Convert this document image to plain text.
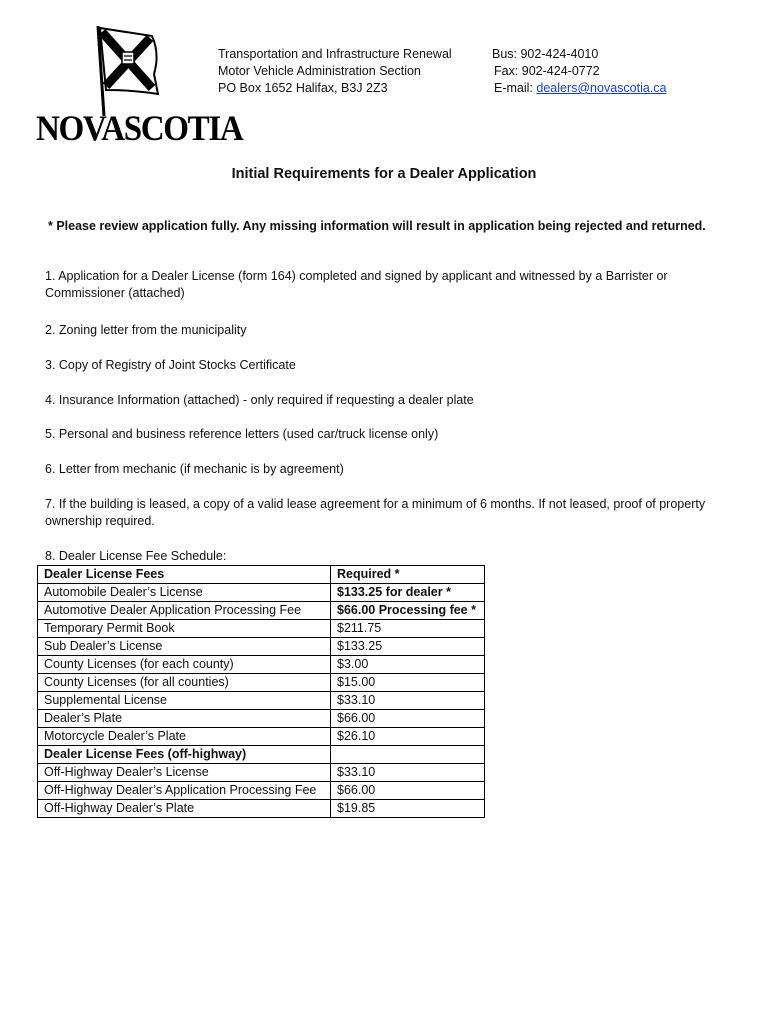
NOVASCOTIA
Transportation and Infrastructure Renewal
Motor Vehicle Administration Section
PO Box 1652 Halifax, B3J 2Z3
Bus: 902-424-4010
Fax: 902-424-0772
E-mail: dealers@novascotia.ca
Initial Requirements for a Dealer Application
* Please review application fully. Any missing information will result in application being rejected and returned.
1. Application for a Dealer License (form 164) completed and signed by applicant and witnessed by a Barrister or Commissioner (attached)
2. Zoning letter from the municipality
3. Copy of Registry of Joint Stocks Certificate
4. Insurance Information (attached) - only required if requesting a dealer plate
5. Personal and business reference letters (used car/truck license only)
6. Letter from mechanic (if mechanic is by agreement)
7. If the building is leased, a copy of a valid lease agreement for a minimum of 6 months. If not leased, proof of property ownership required.
8. Dealer License Fee Schedule:
Dealer License Fees	Required *
Automobile Dealer’s License	$133.25 for dealer *
Automotive Dealer Application Processing Fee	$66.00 Processing fee *
Temporary Permit Book	$211.75
Sub Dealer’s License	$133.25
County Licenses (for each county)	$3.00
County Licenses (for all counties)	$15.00
Supplemental License	$33.10
Dealer’s Plate	$66.00
Motorcycle Dealer’s Plate	$26.10
Dealer License Fees (off-highway)	
Off-Highway Dealer’s License	$33.10
Off-Highway Dealer’s Application Processing Fee	$66.00
Off-Highway Dealer’s Plate	$19.85
